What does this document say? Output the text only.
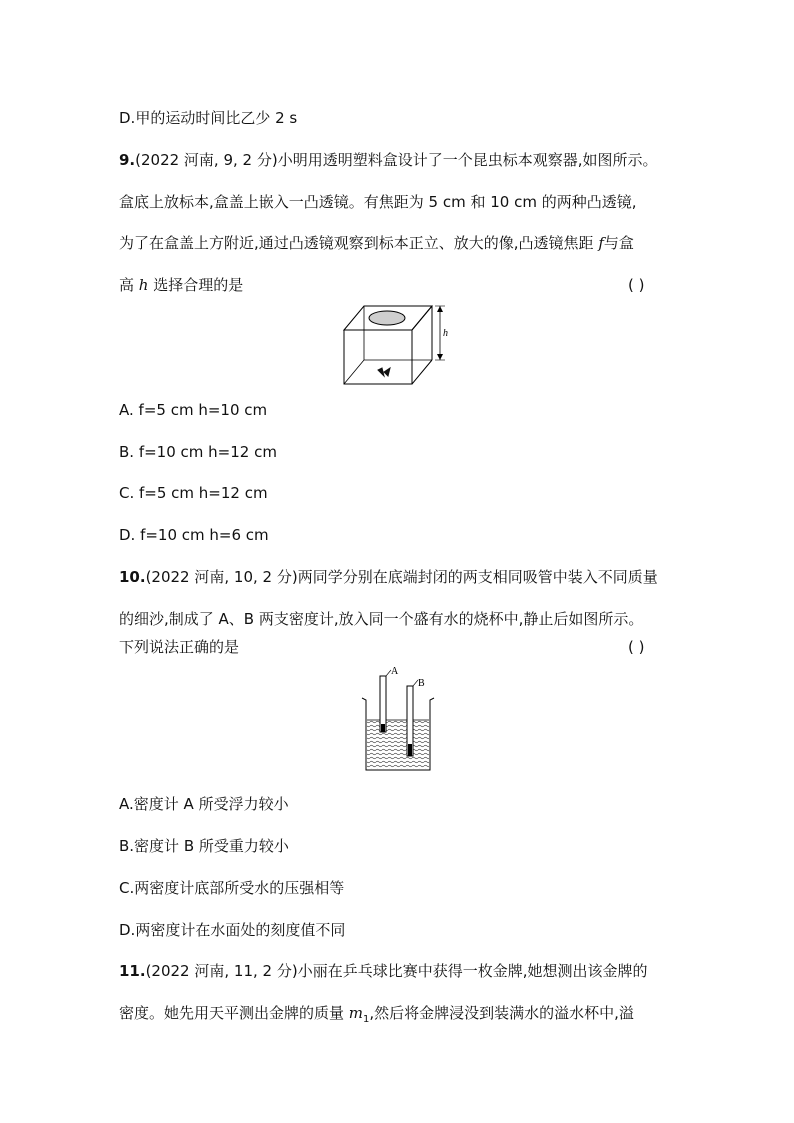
D.甲的运动时间比乙少 2 s
9.(2022 河南, 9, 2 分)小明用透明塑料盒设计了一个昆虫标本观察器,如图所示。
盒底上放标本,盒盖上嵌入一凸透镜。有焦距为 5 cm 和 10 cm 的两种凸透镜,
为了在盒盖上方附近,通过凸透镜观察到标本正立、放大的像,凸透镜焦距 f与盒
高 h 选择合理的是	( )
h
A. f=5 cm h=10 cm
B. f=10 cm h=12 cm
C. f=5 cm h=12 cm
D. f=10 cm h=6 cm
10.(2022 河南, 10, 2 分)两同学分别在底端封闭的两支相同吸管中装入不同质量
的细沙,制成了 A、B 两支密度计,放入同一个盛有水的烧杯中,静止后如图所示。
下列说法正确的是	( )
A
B
A.密度计 A 所受浮力较小
B.密度计 B 所受重力较小
C.两密度计底部所受水的压强相等
D.两密度计在水面处的刻度值不同
11.(2022 河南, 11, 2 分)小丽在乒乓球比赛中获得一枚金牌,她想测出该金牌的
密度。她先用天平测出金牌的质量 $m_1$,然后将金牌浸没到装满水的溢水杯中,溢
